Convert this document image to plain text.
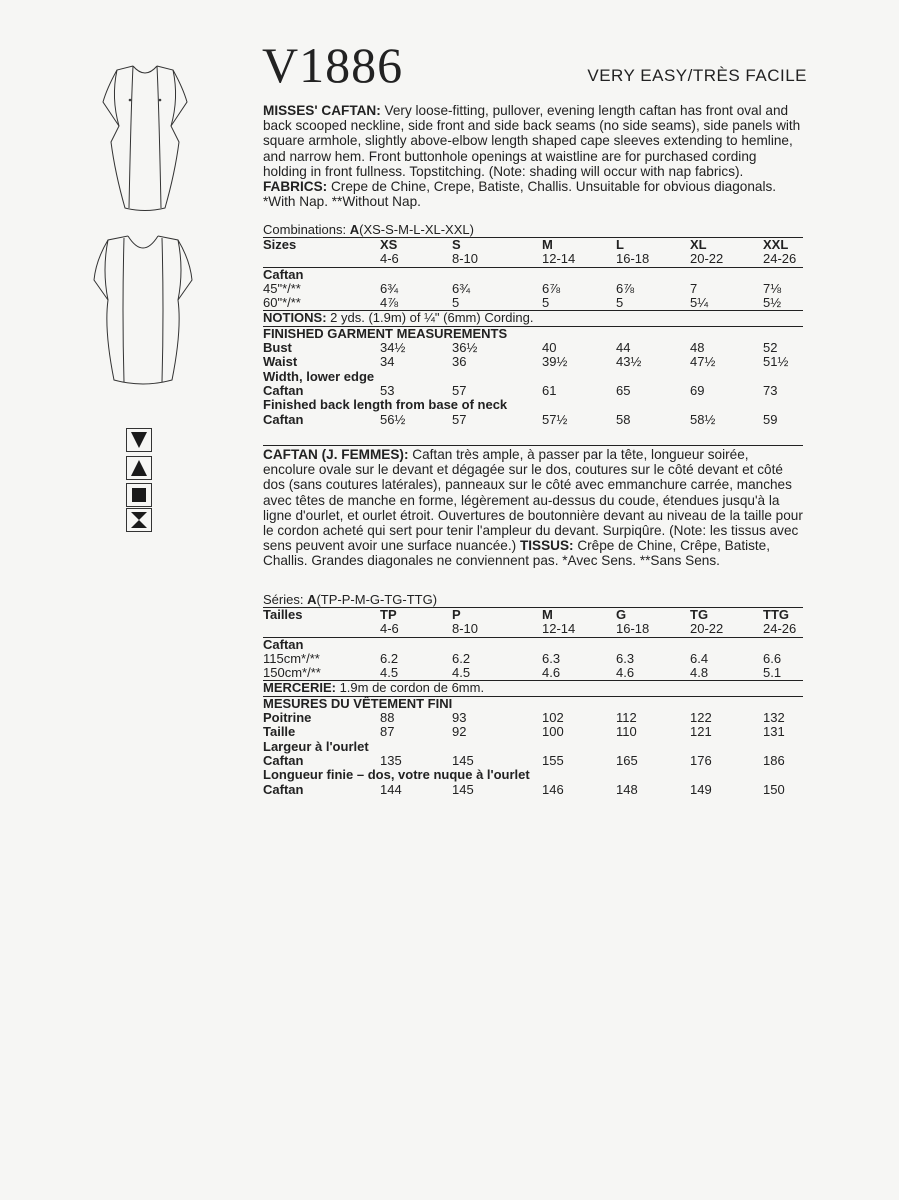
V1886	VERY EASY/TRÈS FACILE
MISSES' CAFTAN: Very loose-fitting, pullover, evening length caftan has front oval and back scooped neckline, side front and side back seams (no side seams), side panels with square armhole, slightly above-elbow length shaped cape sleeves extending to hemline, and narrow hem. Front buttonhole openings at waistline are for purchased cording holding in front fullness. Topstitching. (Note: shading will occur with nap fabrics). FABRICS: Crepe de Chine, Crepe, Batiste, Challis. Unsuitable for obvious diagonals. *With Nap. **Without Nap.
Combinations: A(XS-S-M-L-XL-XXL)
Sizes	XS	S	M	L	XL	XXL
	4-6	8-10	12-14	16-18	20-22	24-26
Caftan						
45"*/**	6¾	6¾	6⅞	6⅞	7	7⅛
60"*/**	4⅞	5	5	5	5¼	5½
NOTIONS: 2 yds. (1.9m) of ¼" (6mm) Cording.						
FINISHED GARMENT MEASUREMENTS						
Bust	34½	36½	40	44	48	52
Waist	34	36	39½	43½	47½	51½
Width, lower edge						
Caftan	53	57	61	65	69	73
Finished back length from base of neck						
Caftan	56½	57	57½	58	58½	59
CAFTAN (J. FEMMES): Caftan très ample, à passer par la tête, longueur soirée, encolure ovale sur le devant et dégagée sur le dos, coutures sur le côté devant et côté dos (sans coutures latérales), panneaux sur le côté avec emmanchure carrée, manches avec têtes de manche en forme, légèrement au-dessus du coude, étendues jusqu'à la ligne d'ourlet, et ourlet étroit. Ouvertures de boutonnière devant au niveau de la taille pour le cordon acheté qui sert pour tenir l'ampleur du devant. Surpiqûre. (Note: les tissus avec sens peuvent avoir une surface nuancée.) TISSUS: Crêpe de Chine, Crêpe, Batiste, Challis. Grandes diagonales ne conviennent pas. *Avec Sens. **Sans Sens.
Séries: A(TP-P-M-G-TG-TTG)
Tailles	TP	P	M	G	TG	TTG
	4-6	8-10	12-14	16-18	20-22	24-26
Caftan						
115cm*/**	6.2	6.2	6.3	6.3	6.4	6.6
150cm*/**	4.5	4.5	4.6	4.6	4.8	5.1
MERCERIE: 1.9m de cordon de 6mm.						
MESURES DU VÊTEMENT FINI						
Poitrine	88	93	102	112	122	132
Taille	87	92	100	110	121	131
Largeur à l'ourlet						
Caftan	135	145	155	165	176	186
Longueur finie – dos, votre nuque à l'ourlet						
Caftan	144	145	146	148	149	150
